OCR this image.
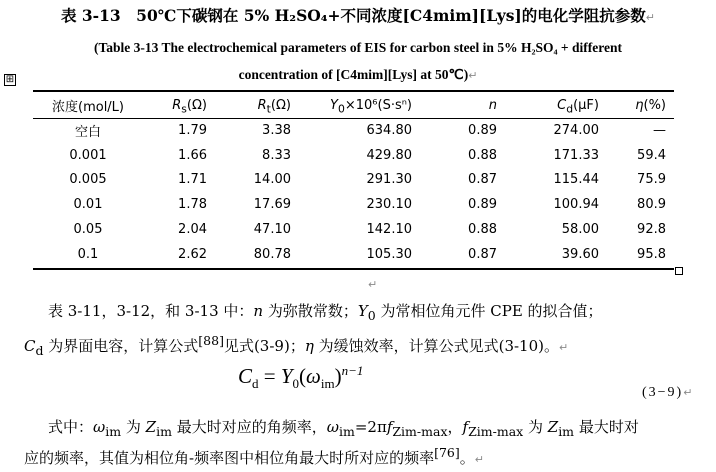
表 3-13　50℃下碳钢在 5% H₂SO₄+不同浓度[C4mim][Lys]的电化学阻抗参数↵
(Table 3-13 The electrochemical parameters of EIS for carbon steel in 5% H₂SO₄ + different
concentration of [C4mim][Lys] at 50℃)↵
⊞
浓度(mol/L)	$R_s(\Omega)$	$R_t(\Omega)$	$Y_0\times 10^6(S\cdot s^n)$	n	$C_d(\mu F)$	η(%)
空白	1.79	3.38	634.80	0.89	274.00	—
0.001	1.66	8.33	429.80	0.88	171.33	59.4
0.005	1.71	14.00	291.30	0.87	115.44	75.9
0.01	1.78	17.69	230.10	0.89	100.94	80.9
0.05	2.04	47.10	142.10	0.88	58.00	92.8
0.1	2.62	80.78	105.30	0.87	39.60	95.8
↵
表 3-11，3-12，和 3-13 中：n 为弥散常数；$Y_0$ 为常相位角元件 CPE 的拟合值；
$C_d$ 为界面电容，计算公式[88]见式(3-9)；η 为缓蚀效率，计算公式见式(3-10)。↵
$C_d = Y_0(\omega_{im})^{n-1}$
(3−9)↵
式中：$\omega_{im}$ 为 $Z_{im}$ 最大时对应的角频率，$\omega_{im}=2\pi f_{Zim-max}$，$f_{Zim-max}$ 为 $Z_{im}$ 最大时对
应的频率，其值为相位角-频率图中相位角最大时所对应的频率[76]。↵
